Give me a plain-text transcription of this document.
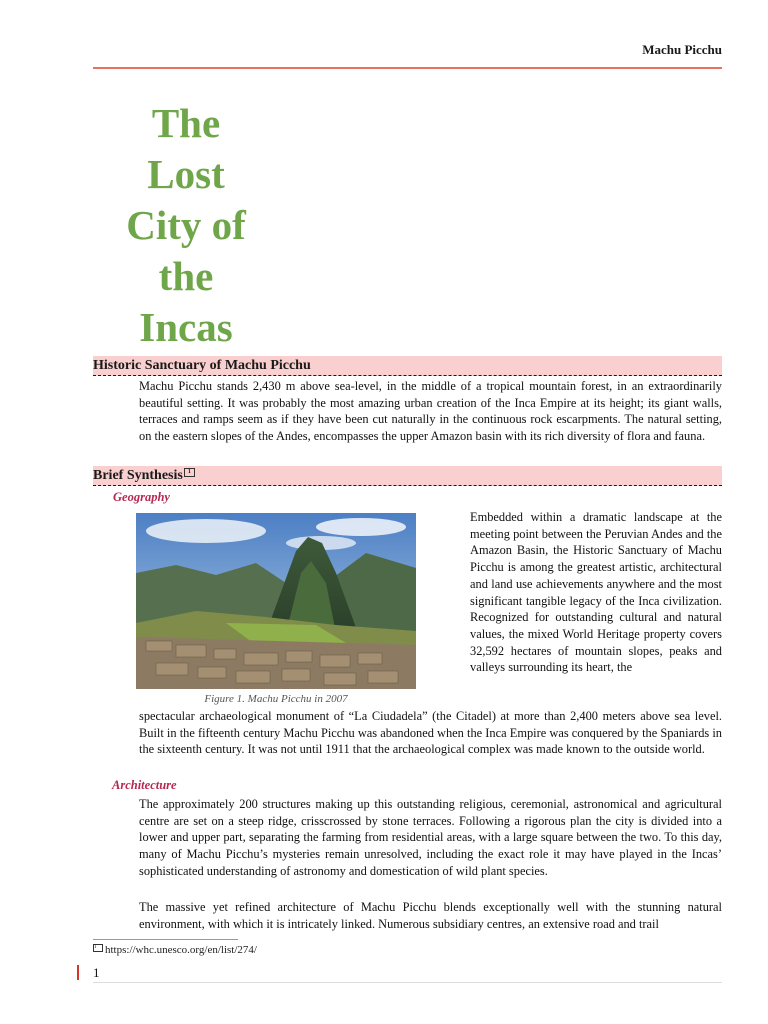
Machu Picchu
The
Lost
City of
the
Incas
Historic Sanctuary of Machu Picchu

Machu Picchu stands 2,430 m above sea-level, in the middle of a tropical mountain forest, in an extraordinarily beautiful setting. It was probably the most amazing urban creation of the Inca Empire at its height; its giant walls, terraces and ramps seem as if they have been cut naturally in the continuous rock escarpments. The natural setting, on the eastern slopes of the Andes, encompasses the upper Amazon basin with its rich diversity of flora and fauna.

Brief Synthesis 1
Geography
Figure 1. Machu Picchu in 2007

Embedded within a dramatic landscape at the meeting point between the Peruvian Andes and the Amazon Basin, the Historic Sanctuary of Machu Picchu is among the greatest artistic, architectural and land use achievements anywhere and the most significant tangible legacy of the Inca civilization. Recognized for outstanding cultural and natural values, the mixed World Heritage property covers 32,592 hectares of mountain slopes, peaks and valleys surrounding its heart, the

spectacular archaeological monument of “La Ciudadela” (the Citadel) at more than 2,400 meters above sea level. Built in the fifteenth century Machu Picchu was abandoned when the Inca Empire was conquered by the Spaniards in the sixteenth century. It was not until 1911 that the archaeological complex was made known to the outside world.

Architecture

The approximately 200 structures making up this outstanding religious, ceremonial, astronomical and agricultural centre are set on a steep ridge, crisscrossed by stone terraces. Following a rigorous plan the city is divided into a lower and upper part, separating the farming from residential areas, with a large square between the two. To this day, many of Machu Picchu’s mysteries remain unresolved, including the exact role it may have played in the Incas’ sophisticated understanding of astronomy and domestication of wild plant species.

The massive yet refined architecture of Machu Picchu blends exceptionally well with the stunning natural environment, with which it is intricately linked. Numerous subsidiary centres, an extensive road and trail

1 https://whc.unesco.org/en/list/274/
1
